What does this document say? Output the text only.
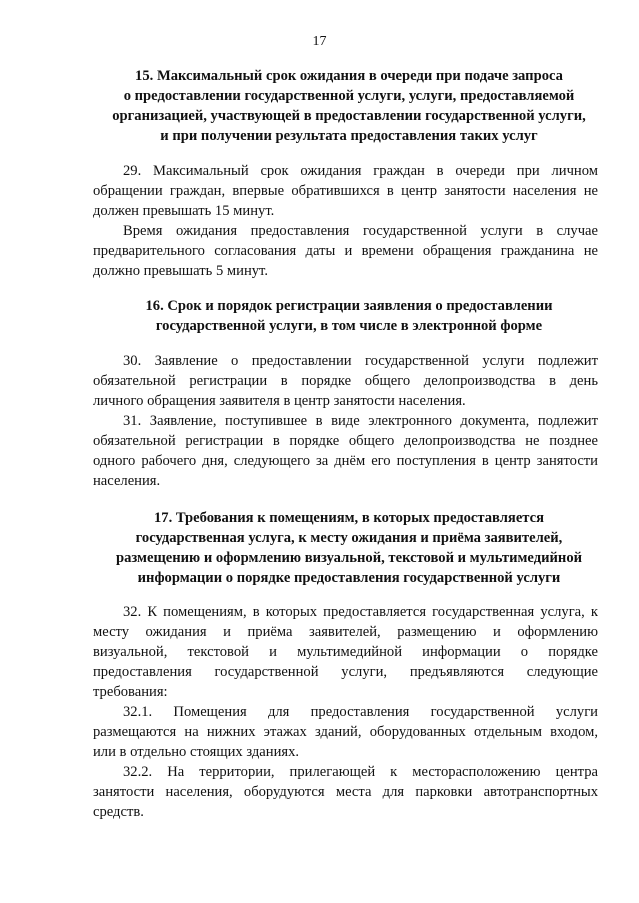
17
15. Максимальный срок ожидания в очереди при подаче запроса
о предоставлении государственной услуги, услуги, предоставляемой
организацией, участвующей в предоставлении государственной услуги,
и при получении результата предоставления таких услуг
29. Максимальный срок ожидания граждан в очереди при личном
обращении граждан, впервые обратившихся в центр занятости населения не
должен превышать 15 минут.
Время ожидания предоставления государственной услуги в случае
предварительного согласования даты и времени обращения гражданина не
должно превышать 5 минут.
16. Срок и порядок регистрации заявления о предоставлении
государственной услуги, в том числе в электронной форме
30. Заявление о предоставлении государственной услуги подлежит
обязательной регистрации в порядке общего делопроизводства в день
личного обращения заявителя в центр занятости населения.
31. Заявление, поступившее в виде электронного документа, подлежит
обязательной регистрации в порядке общего делопроизводства не позднее
одного рабочего дня, следующего за днём его поступления в центр занятости
населения.
17. Требования к помещениям, в которых предоставляется
государственная услуга, к месту ожидания и приёма заявителей,
размещению и оформлению визуальной, текстовой и мультимедийной
информации о порядке предоставления государственной услуги
32. К помещениям, в которых предоставляется государственная услуга, к
месту ожидания и приёма заявителей, размещению и оформлению
визуальной, текстовой и мультимедийной информации о порядке
предоставления государственной услуги, предъявляются следующие
требования:
32.1. Помещения для предоставления государственной услуги
размещаются на нижних этажах зданий, оборудованных отдельным входом,
или в отдельно стоящих зданиях.
32.2. На территории, прилегающей к месторасположению центра
занятости населения, оборудуются места для парковки автотранспортных
средств.
